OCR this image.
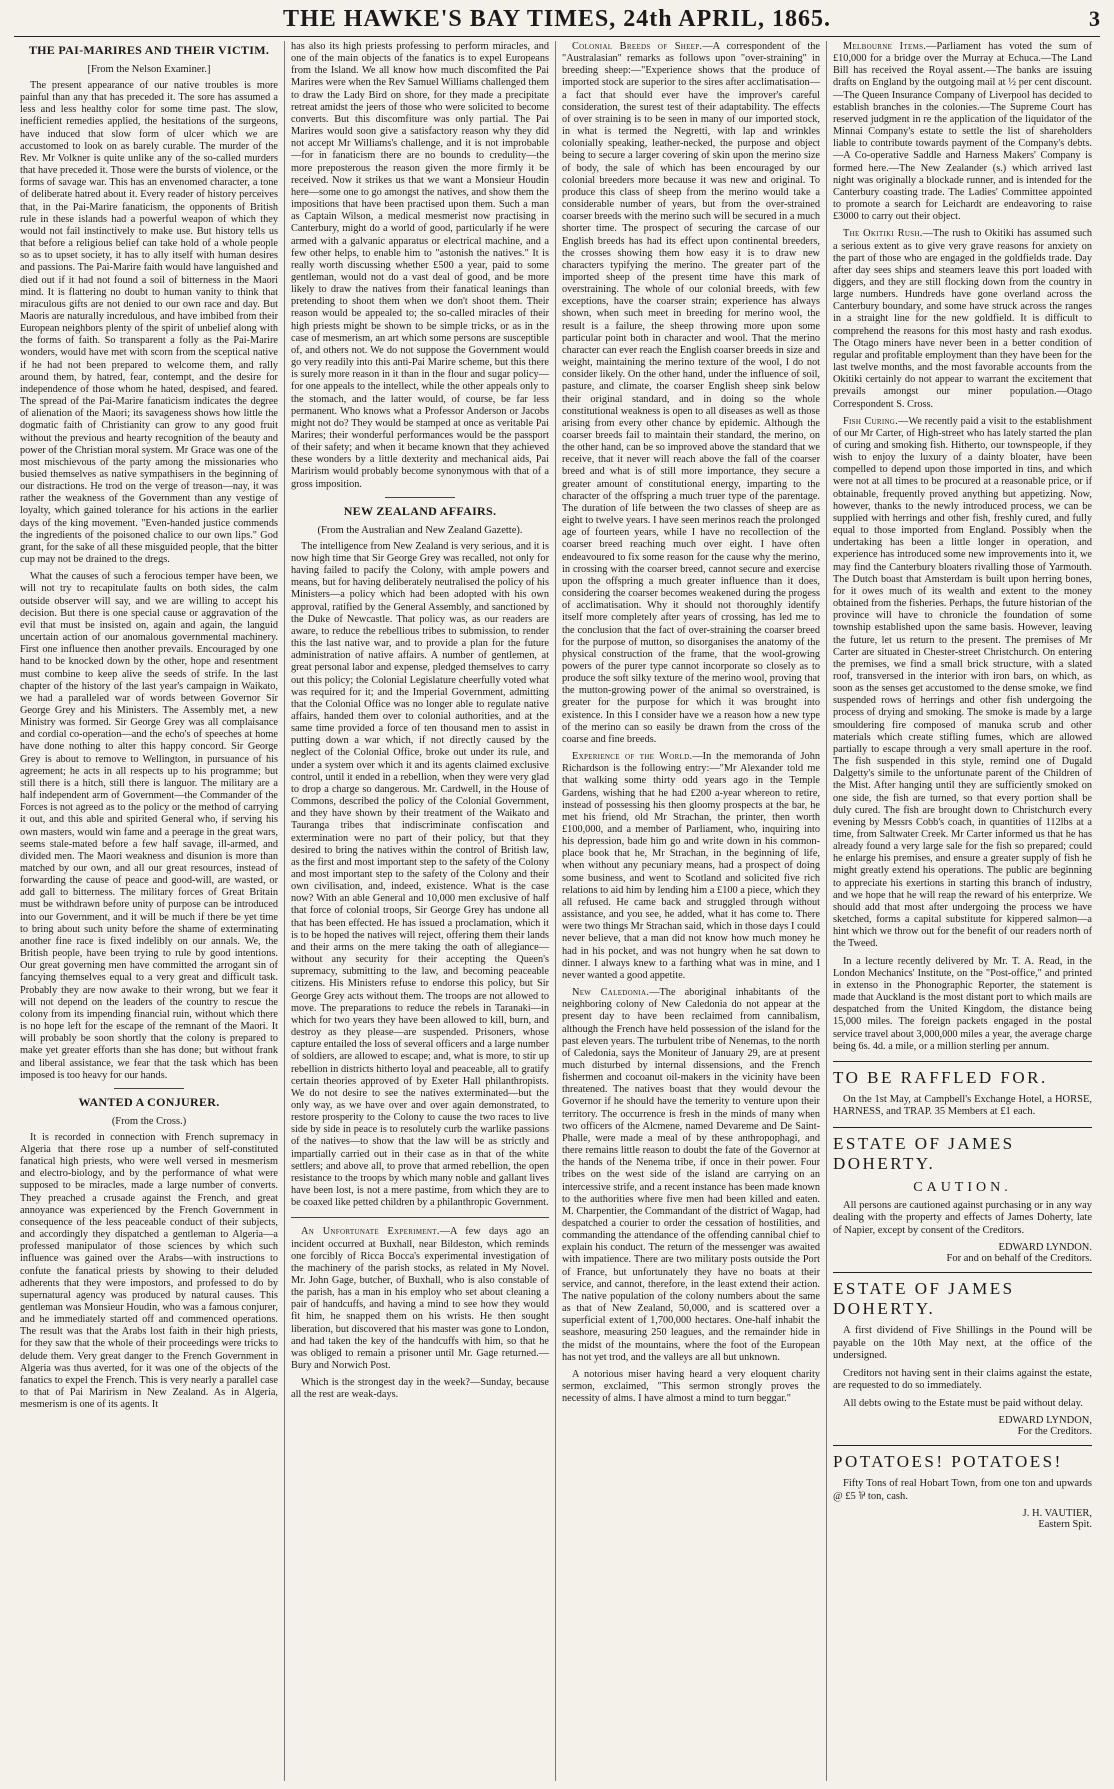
THE HAWKE'S BAY TIMES, 24th APRIL, 1865.	3
THE PAI-MARIRES AND THEIR VICTIM.
[From the Nelson Examiner.]

The present appearance of our native troubles is more painful than any that has preceded it. The sore has assumed a less and less healthy color for some time past. The slow, inefficient remedies applied, the hesitations of the surgeons, have induced that slow form of ulcer which we are accustomed to look on as barely curable. The murder of the Rev. Mr Volkner is quite unlike any of the so-called murders that have preceded it. Those were the bursts of violence, or the forms of savage war. This has an envenomed character, a tone of deliberate hatred about it. Every reader of history perceives that, in the Pai-Marire fanaticism, the opponents of British rule in these islands had a powerful weapon of which they would not fail instinctively to make use. But history tells us that before a religious belief can take hold of a whole people so as to upset society, it has to ally itself with human desires and passions. The Pai-Marire faith would have languished and died out if it had not found a soil of bitterness in the Maori mind. It is flattering no doubt to human vanity to think that miraculous gifts are not denied to our own race and day. But Maoris are naturally incredulous, and have imbibed from their European neighbors plenty of the spirit of unbelief along with the forms of faith. So transparent a folly as the Pai-Marire wonders, would have met with scorn from the sceptical native if he had not been prepared to welcome them, and rally around them, by hatred, fear, contempt, and the desire for independence of those whom he hated, despised, and feared. The spread of the Pai-Marire fanaticism indicates the degree of alienation of the Maori; its savageness shows how little the dogmatic faith of Christianity can grow to any good fruit without the previous and hearty recognition of the beauty and power of the Christian moral system. Mr Grace was one of the most mischievous of the party among the missionaries who busied themselves as native sympathisers in the beginning of our distractions. He trod on the verge of treason—nay, it was rather the weakness of the Government than any vestige of loyalty, which gained tolerance for his actions in the earlier days of the king movement. "Even-handed justice commends the ingredients of the poisoned chalice to our own lips." God grant, for the sake of all these misguided people, that the bitter cup may not be drained to the dregs.

What the causes of such a ferocious temper have been, we will not try to recapitulate faults on both sides, the calm outside observer will say, and we are willing to accept his decision. But there is one special cause or aggravation of the evil that must be insisted on, again and again, the languid uncertain action of our anomalous governmental machinery. First one influence then another prevails. Encouraged by one hand to be knocked down by the other, hope and resentment must combine to keep alive the seeds of strife. In the last chapter of the history of the last year's campaign in Waikato, we had a paralleled war of words between Governor Sir George Grey and his Ministers. The Assembly met, a new Ministry was formed. Sir George Grey was all complaisance and cordial co-operation—and the echo's of speeches at home have done nothing to alter this happy concord. Sir George Grey is about to remove to Wellington, in pursuance of his agreement; he acts in all respects up to his programme; but still there is a hitch, still there is languor. The military are a half independent arm of Government—the Commander of the Forces is not agreed as to the policy or the method of carrying it out, and this able and spirited General who, if serving his own masters, would win fame and a peerage in the great wars, seems stale-mated before a few half savage, ill-armed, and divided men. The Maori weakness and disunion is more than matched by our own, and all our great resources, instead of forwarding the cause of peace and good-will, are wasted, or add gall to bitterness. The military forces of Great Britain must be withdrawn before unity of purpose can be introduced into our Government, and it will be much if there be yet time to bring about such unity before the shame of exterminating another fine race is fixed indelibly on our annals. We, the British people, have been trying to rule by good intentions. Our great governing men have committed the arrogant sin of fancying themselves equal to a very great and difficult task. Probably they are now awake to their wrong, but we fear it will not depend on the leaders of the country to rescue the colony from its impending financial ruin, without which there is no hope left for the escape of the remnant of the Maori. It will probably be soon shortly that the colony is prepared to make yet greater efforts than she has done; but without frank and liberal assistance, we fear that the task which has been imposed is too heavy for our hands.

WANTED A CONJURER.
(From the Cross.)

It is recorded in connection with French supremacy in Algeria that there rose up a number of self-constituted fanatical high priests, who were well versed in mesmerism and electro-biology, and by the performance of what were supposed to be miracles, made a large number of converts. They preached a crusade against the French, and great annoyance was experienced by the French Government in consequence of the less peaceable conduct of their subjects, and accordingly they dispatched a gentleman to Algeria—a professed manipulator of those sciences by which such influence was gained over the Arabs—with instructions to confute the fanatical priests by showing to their deluded adherents that they were impostors, and professed to do by supernatural agency was produced by natural causes. This gentleman was Monsieur Houdin, who was a famous conjurer, and he immediately started off and commenced operations. The result was that the Arabs lost faith in their high priests, for they saw that the whole of their proceedings were tricks to delude them. Very great danger to the French Government in Algeria was thus averted, for it was one of the objects of the fanatics to expel the French. This is very nearly a parallel case to that of Pai Marirism in New Zealand. As in Algeria, mesmerism is one of its agents. It

has also its high priests professing to perform miracles, and one of the main objects of the fanatics is to expel Europeans from the Island. We all know how much discomfited the Pai Marires were when the Rev Samuel Williams challenged them to draw the Lady Bird on shore, for they made a precipitate retreat amidst the jeers of those who were solicited to become converts. But this discomfiture was only partial. The Pai Marires would soon give a satisfactory reason why they did not accept Mr Williams's challenge, and it is not improbable—for in fanaticism there are no bounds to credulity—the more preposterous the reason given the more firmly it be received. Now it strikes us that we want a Monsieur Houdin here—some one to go amongst the natives, and show them the impositions that have been practised upon them. Such a man as Captain Wilson, a medical mesmerist now practising in Canterbury, might do a world of good, particularly if he were armed with a galvanic apparatus or electrical machine, and a few other helps, to enable him to "astonish the natives." It is really worth discussing whether £500 a year, paid to some gentleman, would not do a vast deal of good, and be more likely to draw the natives from their fanatical leanings than pretending to shoot them when we don't shoot them. Their reason would be appealed to; the so-called miracles of their high priests might be shown to be simple tricks, or as in the case of mesmerism, an art which some persons are susceptible of, and others not. We do not suppose the Government would go very readily into this anti-Pai Marire scheme, but this there is surely more reason in it than in the flour and sugar policy—for one appeals to the intellect, while the other appeals only to the stomach, and the latter would, of course, be far less permanent. Who knows what a Professor Anderson or Jacobs might not do? They would be stamped at once as veritable Pai Marires; their wonderful performances would be the passport of their safety; and when it became known that they achieved these wonders by a little dexterity and mechanical aids, Pai Marirism would probably become synonymous with that of a gross imposition.

NEW ZEALAND AFFAIRS.
(From the Australian and New Zealand Gazette).

The intelligence from New Zealand is very serious, and it is now high time that Sir George Grey was recalled, not only for having failed to pacify the Colony, with ample powers and means, but for having deliberately neutralised the policy of his Ministers—a policy which had been adopted with his own approval, ratified by the General Assembly, and sanctioned by the Duke of Newcastle. That policy was, as our readers are aware, to reduce the rebellious tribes to submission, to render this the last native war, and to provide a plan for the future administration of native affairs. A number of gentlemen, at great personal labor and expense, pledged themselves to carry out this policy; the Colonial Legislature cheerfully voted what was required for it; and the Imperial Government, admitting that the Colonial Office was no longer able to regulate native affairs, handed them over to colonial authorities, and at the same time provided a force of ten thousand men to assist in putting down a war which, if not directly caused by the neglect of the Colonial Office, broke out under its rule, and under a system over which it and its agents claimed exclusive control, until it ended in a rebellion, when they were very glad to drop a charge so dangerous. Mr. Cardwell, in the House of Commons, described the policy of the Colonial Government, and they have shown by their treatment of the Waikato and Tauranga tribes that indiscriminate confiscation and extermination were no part of their policy, but that they desired to bring the natives within the control of British law, as the first and most important step to the safety of the Colony and most important step to the safety of the Colony and their own civilisation, and, indeed, existence. What is the case now? With an able General and 10,000 men exclusive of half that force of colonial troops, Sir George Grey has undone all that has been effected. He has issued a proclamation, which it is to be hoped the natives will reject, offering them their lands and their arms on the mere taking the oath of allegiance—without any security for their accepting the Queen's supremacy, submitting to the law, and becoming peaceable citizens. His Ministers refuse to endorse this policy, but Sir George Grey acts without them. The troops are not allowed to move. The preparations to reduce the rebels in Taranaki—in which for two years they have been allowed to kill, burn, and destroy as they please—are suspended. Prisoners, whose capture entailed the loss of several officers and a large number of soldiers, are allowed to escape; and, what is more, to stir up rebellion in districts hitherto loyal and peaceable, all to gratify certain theories approved of by Exeter Hall philanthropists. We do not desire to see the natives exterminated—but the only way, as we have over and over again demonstrated, to restore prosperity to the Colony to cause the two races to live side by side in peace is to resolutely curb the warlike passions of the natives—to show that the law will be as strictly and impartially carried out in their case as in that of the white settlers; and above all, to prove that armed rebellion, the open resistance to the troops by which many noble and gallant lives have been lost, is not a mere pastime, from which they are to be coaxed like petted children by a philanthropic Government.

An Unfortunate Experiment.—A few days ago an incident occurred at Buxhall, near Bildeston, which reminds one forcibly of Ricca Bocca's experimental investigation of the machinery of the parish stocks, as related in My Novel. Mr. John Gage, butcher, of Buxhall, who is also constable of the parish, has a man in his employ who set about cleaning a pair of handcuffs, and having a mind to see how they would fit him, he snapped them on his wrists. He then sought liberation, but discovered that his master was gone to London, and had taken the key of the handcuffs with him, so that he was obliged to remain a prisoner until Mr. Gage returned.—Bury and Norwich Post.

Which is the strongest day in the week?—Sunday, because all the rest are weak-days.

Colonial Breeds of Sheep.—A correspondent of the "Australasian" remarks as follows upon "over-straining" in breeding sheep:—"Experience shows that the produce of imported stock are superior to the sires after acclimatisation—a fact that should ever have the improver's careful consideration, the surest test of their adaptability. The effects of over straining is to be seen in many of our imported stock, in what is termed the Negretti, with lap and wrinkles colonially speaking, leather-necked, the purpose and object being to secure a larger covering of skin upon the merino size of body, the sale of which has been encouraged by our colonial breeders more because it was new and original. To produce this class of sheep from the merino would take a considerable number of years, but from the over-strained coarser breeds with the merino such will be secured in a much shorter time. The prospect of securing the carcase of our English breeds has had its effect upon continental breeders, the crosses showing them how easy it is to draw new characters typifying the merino. The greater part of the imported sheep of the present time have this mark of overstraining. The whole of our colonial breeds, with few exceptions, have the coarser strain; experience has always shown, when such meet in breeding for merino wool, the result is a failure, the sheep throwing more upon some particular point both in character and wool. That the merino character can ever reach the English coarser breeds in size and weight, maintaining the merino texture of the wool, I do not consider likely. On the other hand, under the influence of soil, pasture, and climate, the coarser English sheep sink below their original standard, and in doing so the whole constitutional weakness is open to all diseases as well as those arising from every other chance by epidemic. Although the coarser breeds fail to maintain their standard, the merino, on the other hand, can be so improved above the standard that we receive, that it never will reach above the fall of the coarser breed and what is of still more importance, they secure a greater amount of constitutional energy, imparting to the character of the offspring a much truer type of the parentage. The duration of life between the two classes of sheep are as eight to twelve years. I have seen merinos reach the prolonged age of fourteen years, while I have no recollection of the coarser breed reaching much over eight. I have often endeavoured to fix some reason for the cause why the merino, in crossing with the coarser breed, cannot secure and exercise upon the offspring a much greater influence than it does, considering the coarser becomes weakened during the progess of acclimatisation. Why it should not thoroughly identify itself more completely after years of crossing, has led me to the conclusion that the fact of over-straining the coarser breed for the purpose of mutton, so disorganises the anatomy of the physical construction of the frame, that the wool-growing powers of the purer type cannot incorporate so closely as to produce the soft silky texture of the merino wool, proving that the mutton-growing power of the animal so overstrained, is greater for the purpose for which it was brought into existence. In this I consider have we a reason how a new type of the merino can so easily be drawn from the cross of the coarse and fine breeds.

Experience of the World.—In the memoranda of John Richardson is the following entry:—"Mr Alexander told me that walking some thirty odd years ago in the Temple Gardens, wishing that he had £200 a-year whereon to retire, instead of possessing his then gloomy prospects at the bar, he met his friend, old Mr Strachan, the printer, then worth £100,000, and a member of Parliament, who, inquiring into his depression, bade him go and write down in his common-place book that he, Mr Strachan, in the beginning of life, when without any pecuniary means, had a prospect of doing some business, and went to Scotland and solicited five rich relations to aid him by lending him a £100 a piece, which they all refused. He came back and struggled through without assistance, and you see, he added, what it has come to. There were two things Mr Strachan said, which in those days I could never believe, that a man did not know how much money he had in his pocket, and was not hungry when he sat down to dinner. I always knew to a farthing what was in mine, and I never wanted a good appetite.

New Caledonia.—The aboriginal inhabitants of the neighboring colony of New Caledonia do not appear at the present day to have been reclaimed from cannibalism, although the French have held possession of the island for the past eleven years. The turbulent tribe of Nenemas, to the north of Caledonia, says the Moniteur of January 29, are at present much disturbed by internal dissensions, and the French fishermen and cocoanut oil-makers in the vicinity have been threatened. The natives boast that they would devour the Governor if he should have the temerity to venture upon their territory. The occurrence is fresh in the minds of many when two officers of the Alcmene, named Devareme and De Saint-Phalle, were made a meal of by these anthropophagi, and there remains little reason to doubt the fate of the Governor at the hands of the Nenema tribe, if once in their power. Four tribes on the west side of the island are carrying on an intercessive strife, and a recent instance has been made known to the authorities where five men had been killed and eaten. M. Charpentier, the Commandant of the district of Wagap, had despatched a courier to order the cessation of hostilities, and commanding the attendance of the offending cannibal chief to explain his conduct. The return of the messenger was awaited with impatience. There are two military posts outside the Port of France, but unfortunately they have no boats at their service, and cannot, therefore, in the least extend their action. The native population of the colony numbers about the same as that of New Zealand, 50,000, and is scattered over a superficial extent of 1,700,000 hectares. One-half inhabit the seashore, measuring 250 leagues, and the remainder hide in the midst of the mountains, where the foot of the European has not yet trod, and the valleys are all but unknown.

A notorious miser having heard a very eloquent charity sermon, exclaimed, "This sermon strongly proves the necessity of alms. I have almost a mind to turn beggar."

Melbourne Items.—Parliament has voted the sum of £10,000 for a bridge over the Murray at Echuca.—The Land Bill has received the Royal assent.—The banks are issuing drafts on England by the outgoing mail at ½ per cent discount.—The Queen Insurance Company of Liverpool has decided to establish branches in the colonies.—The Supreme Court has reserved judgment in re the application of the liquidator of the Minnai Company's estate to settle the list of shareholders liable to contribute towards payment of the Company's debts.—A Co-operative Saddle and Harness Makers' Company is formed here.—The New Zealander (s.) which arrived last night was originally a blockade runner, and is intended for the Canterbury coasting trade. The Ladies' Committee appointed to promote a search for Leichardt are endeavoring to raise £3000 to carry out their object.

The Okitiki Rush.—The rush to Okitiki has assumed such a serious extent as to give very grave reasons for anxiety on the part of those who are engaged in the goldfields trade. Day after day sees ships and steamers leave this port loaded with diggers, and they are still flocking down from the country in large numbers. Hundreds have gone overland across the Canterbury boundary, and some have struck across the ranges in a straight line for the new goldfield. It is difficult to comprehend the reasons for this most hasty and rash exodus. The Otago miners have never been in a better condition of regular and profitable employment than they have been for the last twelve months, and the most favorable accounts from the Okitiki certainly do not appear to warrant the excitement that prevails amongst our miner population.—Otago Correspondent S. Cross.

Fish Curing.—We recently paid a visit to the establishment of our Mr Carter, of High-street who has lately started the plan of curing and smoking fish. Hitherto, our townspeople, if they wish to enjoy the luxury of a dainty bloater, have been compelled to depend upon those imported in tins, and which were not at all times to be procured at a reasonable price, or if obtainable, frequently proved anything but appetizing. Now, however, thanks to the newly introduced process, we can be supplied with herrings and other fish, freshly cured, and fully equal to those imported from England. Possibly when the undertaking has been a little longer in operation, and experience has introduced some new improvements into it, we may find the Canterbury bloaters rivalling those of Yarmouth. The Dutch boast that Amsterdam is built upon herring bones, for it owes much of its wealth and extent to the money obtained from the fisheries. Perhaps, the future historian of the province will have to chronicle the foundation of some township established upon the same basis. However, leaving the future, let us return to the present. The premises of Mr Carter are situated in Chester-street Christchurch. On entering the premises, we find a small brick structure, with a slated roof, transversed in the interior with iron bars, on which, as soon as the senses get accustomed to the dense smoke, we find suspended rows of herrings and other fish undergoing the process of drying and smoking. The smoke is made by a large smouldering fire composed of manuka scrub and other materials which create stifling fumes, which are allowed partially to escape through a very small aperture in the roof. The fish suspended in this style, remind one of Dugald Dalgetty's simile to the unfortunate parent of the Children of the Mist. After hanging until they are sufficiently smoked on one side, the fish are turned, so that every portion shall be duly cured. The fish are brought down to Christchurch every evening by Messrs Cobb's coach, in quantities of 112lbs at a time, from Saltwater Creek. Mr Carter informed us that he has already found a very large sale for the fish so prepared; could he enlarge his premises, and ensure a greater supply of fish he might greatly extend his operations. The public are beginning to appreciate his exertions in starting this branch of industry, and we hope that he will reap the reward of his enterprize. We should add that most after undergoing the process we have sketched, forms a capital substitute for kippered salmon—a hint which we throw out for the benefit of our readers north of the Tweed.

In a lecture recently delivered by Mr. T. A. Read, in the London Mechanics' Institute, on the "Post-office," and printed in extenso in the Phonographic Reporter, the statement is made that Auckland is the most distant port to which mails are despatched from the United Kingdom, the distance being 15,000 miles. The foreign packets engaged in the postal service travel about 3,000,000 miles a year, the average charge being 6s. 4d. a mile, or a million sterling per annum.

TO BE RAFFLED FOR.

On the 1st May, at Campbell's Exchange Hotel, a HORSE, HARNESS, and TRAP. 35 Members at £1 each.

ESTATE OF JAMES DOHERTY.
CAUTION.

All persons are cautioned against purchasing or in any way dealing with the property and effects of James Doherty, late of Napier, except by consent of the Creditors.

EDWARD LYNDON.
For and on behalf of the Creditors.
ESTATE OF JAMES DOHERTY.

A first dividend of Five Shillings in the Pound will be payable on the 10th May next, at the office of the undersigned.

Creditors not having sent in their claims against the estate, are requested to do so immediately.

All debts owing to the Estate must be paid without delay.

EDWARD LYNDON,
For the Creditors.
POTATOES! POTATOES!

Fifty Tons of real Hobart Town, from one ton and upwards @ £5 ⅌ ton, cash.

J. H. VAUTIER,
Eastern Spit.
